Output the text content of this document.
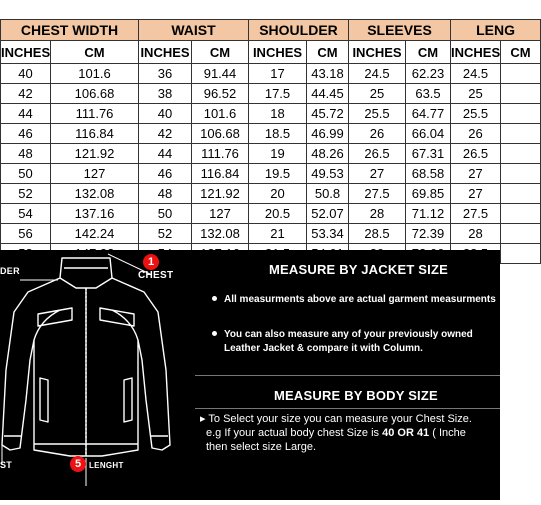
CHEST WIDTH		WAIST		SHOULDER		SLEEVES		LENG	
INCHES	CM	INCHES	CM	INCHES	CM	INCHES	CM	INCHES	CM
40	101.6	36	91.44	17	43.18	24.5	62.23	24.5	
42	106.68	38	96.52	17.5	44.45	25	63.5	25	
44	111.76	40	101.6	18	45.72	25.5	64.77	25.5	
46	116.84	42	106.68	18.5	46.99	26	66.04	26	
48	121.92	44	111.76	19	48.26	26.5	67.31	26.5	
50	127	46	116.84	19.5	49.53	27	68.58	27	
52	132.08	48	121.92	20	50.8	27.5	69.85	27	
54	137.16	50	127	20.5	52.07	28	71.12	27.5	
56	142.24	52	132.08	21	53.34	28.5	72.39	28	

1
CHEST
DER
5 LENGHT
ST
MEASURE BY JACKET SIZE
All measurments above are actual garment measurments
You can also measure any of your previously owned
Leather Jacket & compare it with Column.
MEASURE BY BODY SIZE
▸ To Select your size you can measure your Chest Size.
e.g If your actual body chest Size is 40 OR 41 ( Inche
then select size Large.
